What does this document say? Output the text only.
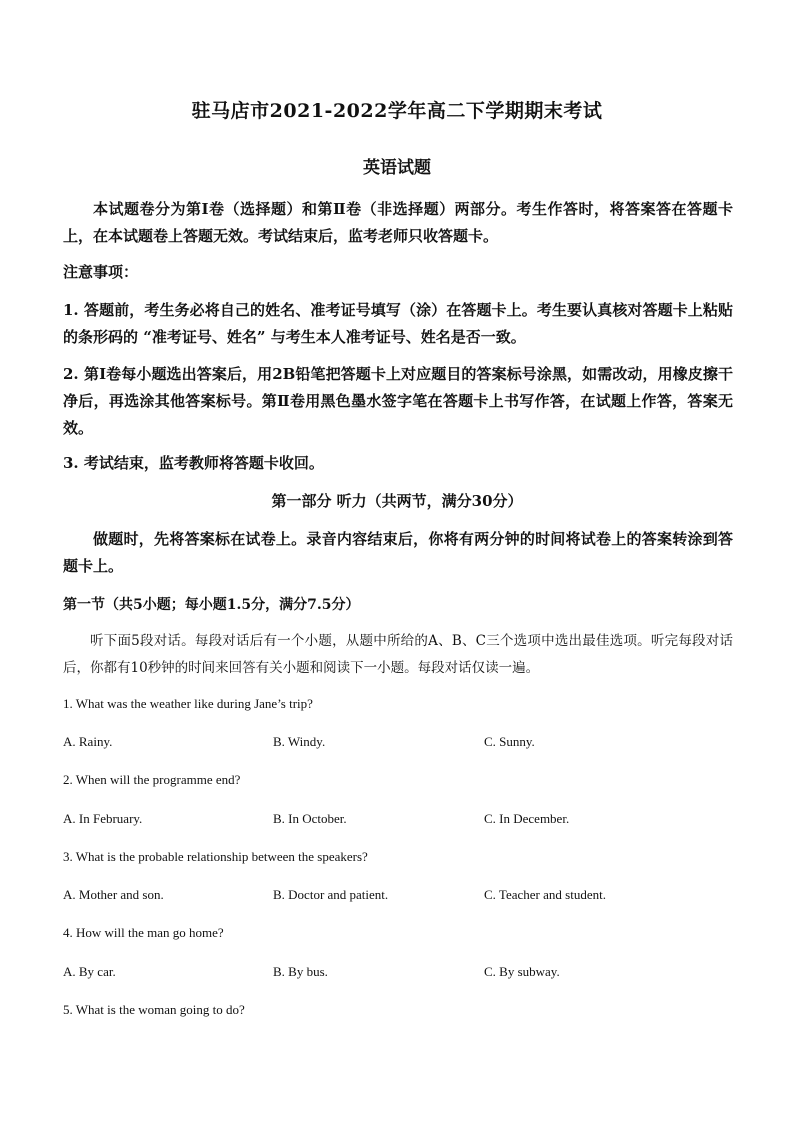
驻马店市2021-2022学年高二下学期期末考试
英语试题
本试题卷分为第Ⅰ卷（选择题）和第Ⅱ卷（非选择题）两部分。考生作答时，将答案答在答题卡上，在本试题卷上答题无效。考试结束后，监考老师只收答题卡。
注意事项：
1. 答题前，考生务必将自己的姓名、准考证号填写（涂）在答题卡上。考生要认真核对答题卡上粘贴的条形码的 “准考证号、姓名” 与考生本人准考证号、姓名是否一致。
2. 第Ⅰ卷每小题选出答案后，用2B铅笔把答题卡上对应题目的答案标号涂黑，如需改动，用橡皮擦干净后，再选涂其他答案标号。第Ⅱ卷用黑色墨水签字笔在答题卡上书写作答，在试题上作答，答案无效。
3. 考试结束，监考教师将答题卡收回。
第一部分 听力（共两节，满分30分）
做题时，先将答案标在试卷上。录音内容结束后，你将有两分钟的时间将试卷上的答案转涂到答题卡上。
第一节（共5小题；每小题1.5分，满分7.5分）
听下面5段对话。每段对话后有一个小题，从题中所给的A、B、C三个选项中选出最佳选项。听完每段对话后，你都有10秒钟的时间来回答有关小题和阅读下一小题。每段对话仅读一遍。
1. What was the weather like during Jane’s trip?
A. Rainy.	B. Windy.	C. Sunny.
2. When will the programme end?
A. In February.	B. In October.	C. In December.
3. What is the probable relationship between the speakers?
A. Mother and son.	B. Doctor and patient.	C. Teacher and student.
4. How will the man go home?
A. By car.	B. By bus.	C. By subway.
5. What is the woman going to do?
